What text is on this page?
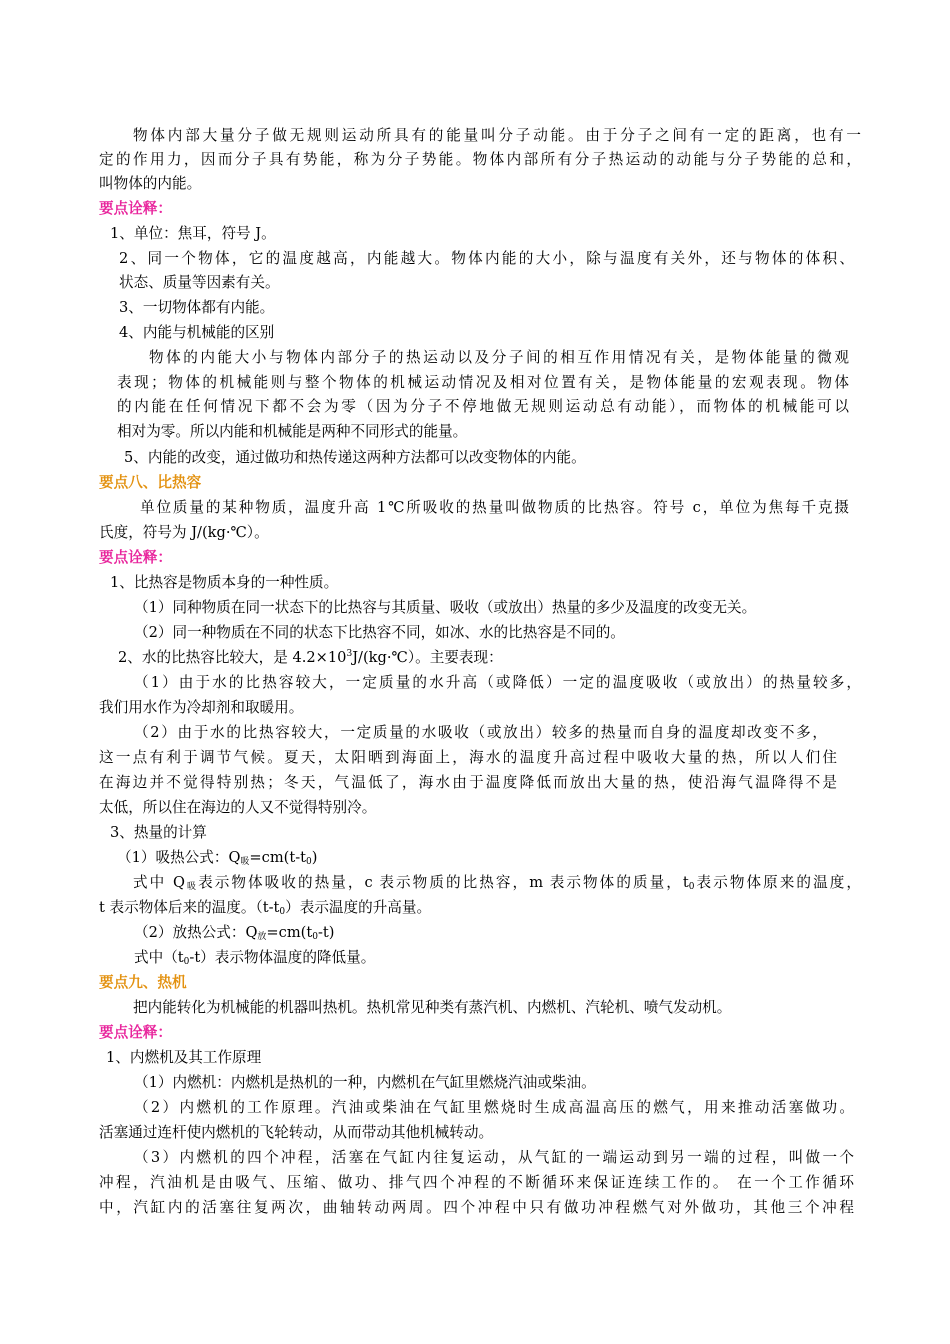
物体内部大量分子做无规则运动所具有的能量叫分子动能。由于分子之间有一定的距离，也有一
定的作用力，因而分子具有势能，称为分子势能。物体内部所有分子热运动的动能与分子势能的总和，
叫物体的内能。
要点诠释：
1、单位：焦耳，符号 J。
2、同一个物体，它的温度越高，内能越大。物体内能的大小，除与温度有关外，还与物体的体积、
状态、质量等因素有关。
3、一切物体都有内能。
4、内能与机械能的区别
物体的内能大小与物体内部分子的热运动以及分子间的相互作用情况有关，是物体能量的微观
表现；物体的机械能则与整个物体的机械运动情况及相对位置有关，是物体能量的宏观表现。物体
的内能在任何情况下都不会为零（因为分子不停地做无规则运动总有动能），而物体的机械能可以
相对为零。所以内能和机械能是两种不同形式的能量。
5、内能的改变，通过做功和热传递这两种方法都可以改变物体的内能。
要点八、比热容
单位质量的某种物质，温度升高 1℃所吸收的热量叫做物质的比热容。符号 c，单位为焦每千克摄
氏度，符号为 J/(kg·℃）。
要点诠释：
1、比热容是物质本身的一种性质。
（1）同种物质在同一状态下的比热容与其质量、吸收（或放出）热量的多少及温度的改变无关。
（2）同一种物质在不同的状态下比热容不同，如冰、水的比热容是不同的。
2、水的比热容比较大，是 $4.2\times 10^3J/(kg\cdot℃)$。主要表现：
（1）由于水的比热容较大，一定质量的水升高（或降低）一定的温度吸收（或放出）的热量较多，
我们用水作为冷却剂和取暖用。
（2）由于水的比热容较大，一定质量的水吸收（或放出）较多的热量而自身的温度却改变不多，
这一点有利于调节气候。夏天，太阳晒到海面上，海水的温度升高过程中吸收大量的热，所以人们住
在海边并不觉得特别热；冬天，气温低了，海水由于温度降低而放出大量的热，使沿海气温降得不是
太低，所以住在海边的人又不觉得特别冷。
3、热量的计算
（1）吸热公式：$Q_吸=cm(t-t_0)$
式中 $Q_吸$表示物体吸收的热量，c 表示物质的比热容，m 表示物体的质量，$t_0$表示物体原来的温度，
t 表示物体后来的温度。$(t-t_0)$表示温度的升高量。
（2）放热公式：$Q_放=cm(t_0-t)$
式中$(t_0-t)$表示物体温度的降低量。
要点九、热机
把内能转化为机械能的机器叫热机。热机常见种类有蒸汽机、内燃机、汽轮机、喷气发动机。
要点诠释：
1、内燃机及其工作原理
（1）内燃机：内燃机是热机的一种，内燃机在气缸里燃烧汽油或柴油。
（2）内燃机的工作原理。汽油或柴油在气缸里燃烧时生成高温高压的燃气，用来推动活塞做功。
活塞通过连杆使内燃机的飞轮转动，从而带动其他机械转动。
（3）内燃机的四个冲程，活塞在气缸内往复运动，从气缸的一端运动到另一端的过程，叫做一个
冲程，汽油机是由吸气、压缩、做功、排气四个冲程的不断循环来保证连续工作的。 在一个工作循环
中，汽缸内的活塞往复两次，曲轴转动两周。四个冲程中只有做功冲程燃气对外做功，其他三个冲程
